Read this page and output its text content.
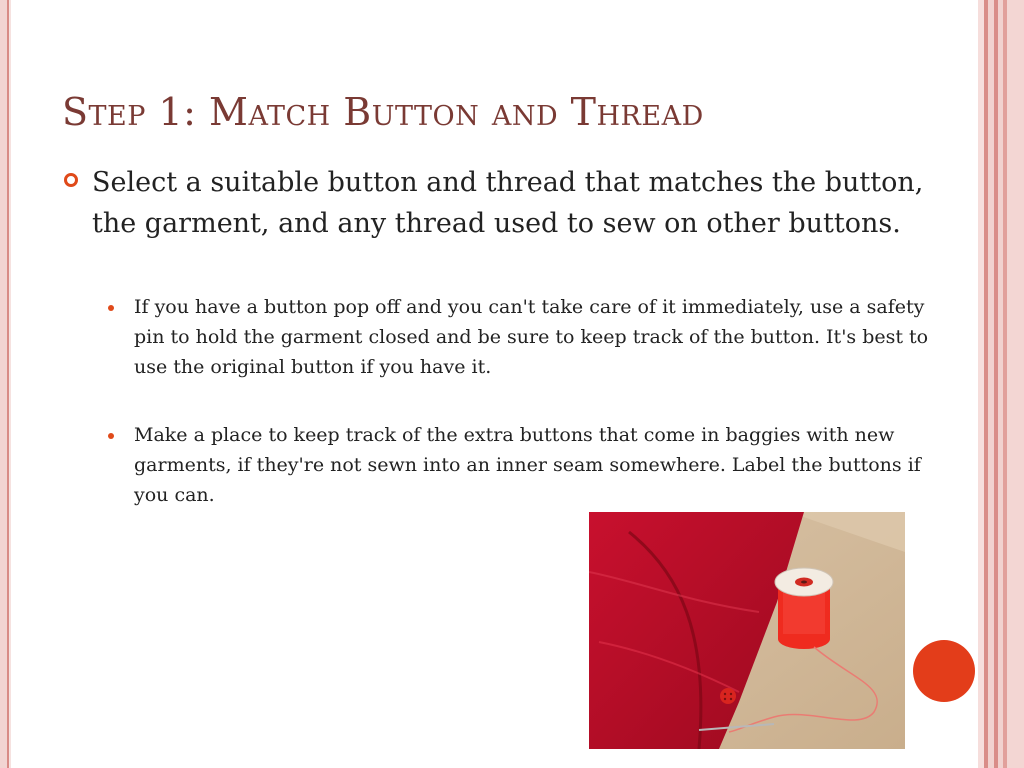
Step 1: Match Button and Thread
Select a suitable button and thread that matches the button, the garment, and any thread used to sew on other buttons.
If you have a button pop off and you can't take care of it immediately, use a safety pin to hold the garment closed and be sure to keep track of the button. It's best to use the original button if you have it.
Make a place to keep track of the extra buttons that come in baggies with new garments, if they're not sewn into an inner seam somewhere. Label the buttons if you can.
